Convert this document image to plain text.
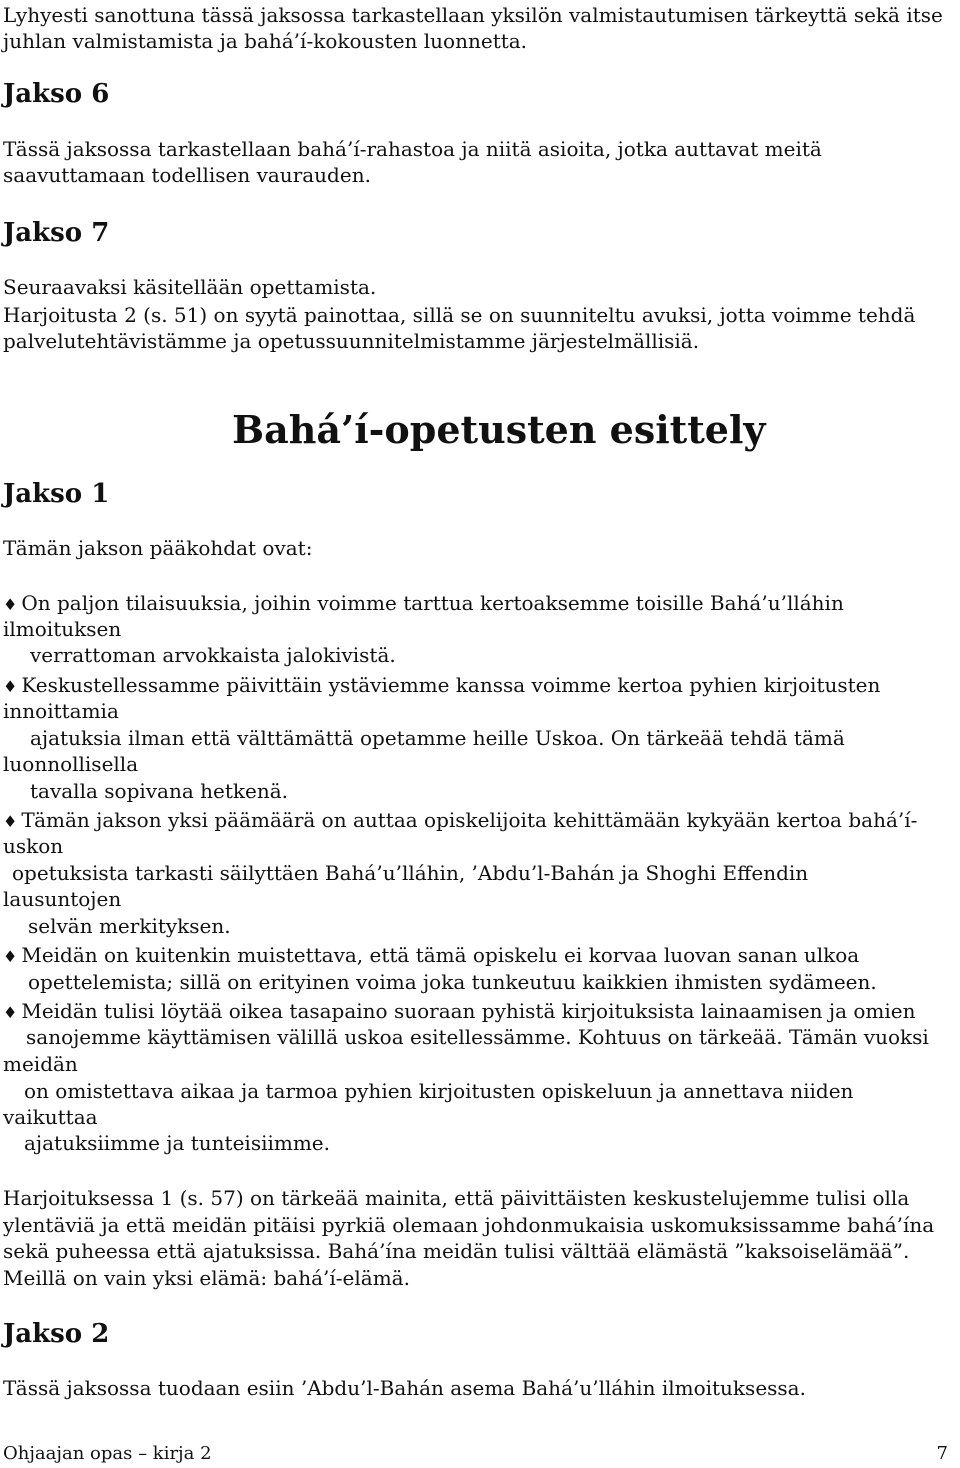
Lyhyesti sanottuna tässä jaksossa tarkastellaan yksilön valmistautumisen tärkeyttä sekä itse
juhlan valmistamista ja bahá’í-kokousten luonnetta.
Jakso 6
Tässä jaksossa tarkastellaan bahá’í-rahastoa ja niitä asioita, jotka auttavat meitä
saavuttamaan todellisen vaurauden.
Jakso 7
Seuraavaksi käsitellään opettamista.
Harjoitusta 2 (s. 51) on syytä painottaa, sillä se on suunniteltu avuksi, jotta voimme tehdä
palvelutehtävistämme ja opetussuunnitelmistamme järjestelmällisiä.
Bahá’í-opetusten esittely
Jakso 1
Tämän jakson pääkohdat ovat:
♦ On paljon tilaisuuksia, joihin voimme tarttua kertoaksemme toisille Bahá’u’lláhin
ilmoituksen
verrattoman arvokkaista jalokivistä.
♦ Keskustellessamme päivittäin ystäviemme kanssa voimme kertoa pyhien kirjoitusten
innoittamia
ajatuksia ilman että välttämättä opetamme heille Uskoa. On tärkeää tehdä tämä
luonnollisella
tavalla sopivana hetkenä.
♦ Tämän jakson yksi päämäärä on auttaa opiskelijoita kehittämään kykyään kertoa bahá’í-
uskon
opetuksista tarkasti säilyttäen Bahá’u’lláhin, ’Abdu’l-Bahán ja Shoghi Effendin
lausuntojen
selvän merkityksen.
♦ Meidän on kuitenkin muistettava, että tämä opiskelu ei korvaa luovan sanan ulkoa
opettelemista; sillä on erityinen voima joka tunkeutuu kaikkien ihmisten sydämeen.
♦ Meidän tulisi löytää oikea tasapaino suoraan pyhistä kirjoituksista lainaamisen ja omien
sanojemme käyttämisen välillä uskoa esitellessämme. Kohtuus on tärkeää. Tämän vuoksi
meidän
on omistettava aikaa ja tarmoa pyhien kirjoitusten opiskeluun ja annettava niiden
vaikuttaa
ajatuksiimme ja tunteisiimme.
Harjoituksessa 1 (s. 57) on tärkeää mainita, että päivittäisten keskustelujemme tulisi olla
ylentäviä ja että meidän pitäisi pyrkiä olemaan johdonmukaisia uskomuksissamme bahá’ína
sekä puheessa että ajatuksissa. Bahá’ína meidän tulisi välttää elämästä ”kaksoiselämää”.
Meillä on vain yksi elämä: bahá’í-elämä.
Jakso 2
Tässä jaksossa tuodaan esiin ’Abdu’l-Bahán asema Bahá’u’lláhin ilmoituksessa.
Ohjaajan opas – kirja 2	7
